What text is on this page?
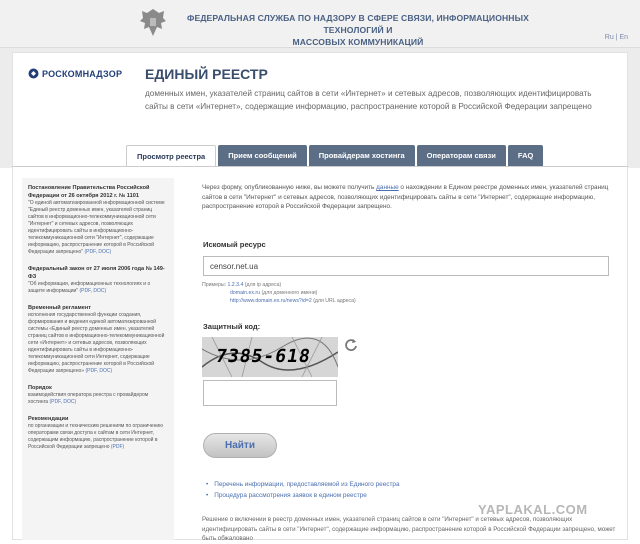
ФЕДЕРАЛЬНАЯ СЛУЖБА ПО НАДЗОРУ В СФЕРЕ СВЯЗИ, ИНФОРМАЦИОННЫХ ТЕХНОЛОГИЙ И
МАССОВЫХ КОММУНИКАЦИЙ	Ru | En
РОСКОМНАДЗОР ЕДИНЫЙ РЕЕСТР
доменных имен, указателей страниц сайтов в сети «Интернет» и сетевых адресов, позволяющих идентифицировать сайты в сети «Интернет», содержащие информацию, распространение которой в Российской Федерации запрещено
Просмотр реестра	Прием сообщений	Провайдерам хостинга	Операторам связи	FAQ
Постановление Правительства Российской Федерации от 26 октября 2012 г. № 1101
"О единой автоматизированной информационной системе "Единый реестр доменных имен, указателей страниц сайтов в информационно-телекоммуникационной сети "Интернет" и сетевых адресов, позволяющих идентифицировать сайты в информационно-телекоммуникационной сети "Интернет", содержащие информацию, распространение которой в Российской Федерации запрещено" (PDF, DOC)
Федеральный закон от 27 июля 2006 года № 149-ФЗ
"Об информации, информационных технологиях и о защите информации" (PDF, DOC)
Временный регламент
исполнения государственной функции создания, формирования и ведения единой автоматизированной системы «Единый реестр доменных имен, указателей страниц сайтов в информационно-телекоммуникационной сети «Интернет» и сетевых адресов, позволяющих идентифицировать сайты в информационно-телекоммуникационной сети Интернет, содержащие информацию, распространение которой в Российской Федерации запрещено» (PDF, DOC)
Порядок
взаимодействия оператора реестра с провайдером хостинга (PDF, DOC)
Рекомендации
по организации и техническим решениям по ограничению операторами связи доступа к сайтам в сети Интернет, содержащим информацию, распространение которой в Российской Федерации запрещено (PDF)
Через форму, опубликованную ниже, вы можете получить данные о нахождении в Едином реестре доменных имен, указателей страниц сайтов в сети "Интернет" и сетевых адресов, позволяющих идентифицировать сайты в сети "Интернет", содержащие информацию, распространение которой в Российской Федерации запрещено.
Искомый ресурс
censor.net.ua
Примеры: 1.2.3.4 (для ip адреса)
domain.ex.ru (для доменного имени)
http://www.domain.ex.ru/news?id=2 (для URL адреса)
Защитный код:
7385-618
Найти
• Перечень информации, предоставляемой из Единого реестра
• Процедура рассмотрения заявок в едином реестре
Решение о включении в реестр доменных имен, указателей страниц сайтов в сети "Интернет" и сетевых адресов, позволяющих идентифицировать сайты в сети "Интернет", содержащие информацию, распространение которой в Российской Федерации запрещено, может быть обжаловано
YAPLAKAL.COM
